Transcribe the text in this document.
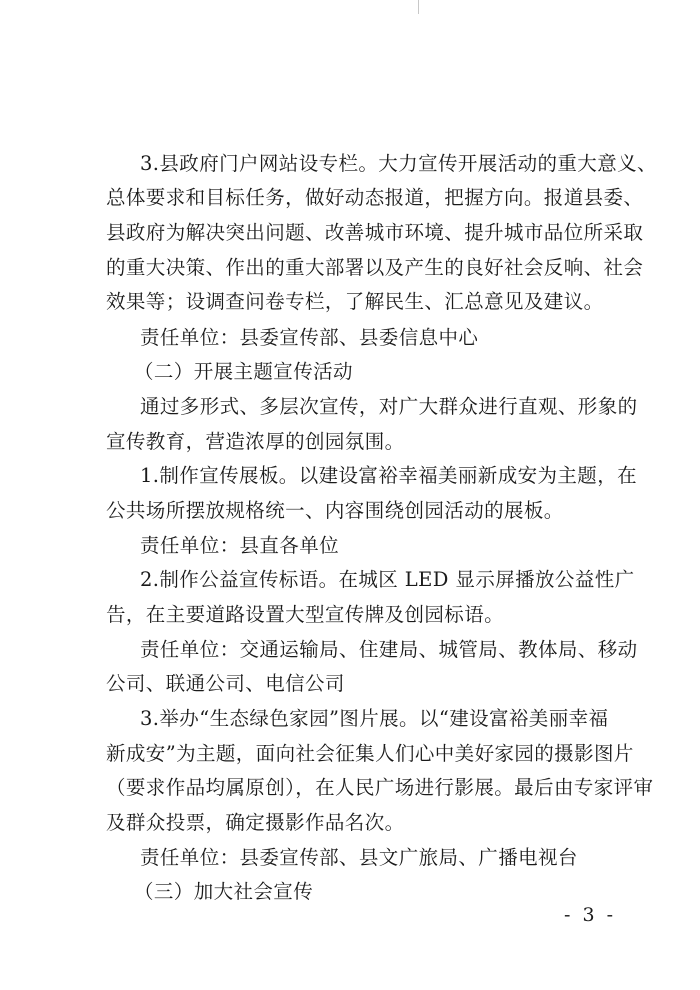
3.县政府门户网站设专栏。大力宣传开展活动的重大意义、
总体要求和目标任务，做好动态报道，把握方向。报道县委、
县政府为解决突出问题、改善城市环境、提升城市品位所采取
的重大决策、作出的重大部署以及产生的良好社会反响、社会
效果等；设调查问卷专栏，了解民生、汇总意见及建议。
责任单位：县委宣传部、县委信息中心
（二）开展主题宣传活动
通过多形式、多层次宣传，对广大群众进行直观、形象的
宣传教育，营造浓厚的创园氛围。
1.制作宣传展板。以建设富裕幸福美丽新成安为主题，在
公共场所摆放规格统一、内容围绕创园活动的展板。
责任单位：县直各单位
2.制作公益宣传标语。在城区 LED 显示屏播放公益性广
告，在主要道路设置大型宣传牌及创园标语。
责任单位：交通运输局、住建局、城管局、教体局、移动
公司、联通公司、电信公司
3.举办“生态绿色家园”图片展。以“建设富裕美丽幸福
新成安”为主题，面向社会征集人们心中美好家园的摄影图片
（要求作品均属原创），在人民广场进行影展。最后由专家评审
及群众投票，确定摄影作品名次。
责任单位：县委宣传部、县文广旅局、广播电视台
（三）加大社会宣传
- 3 -
